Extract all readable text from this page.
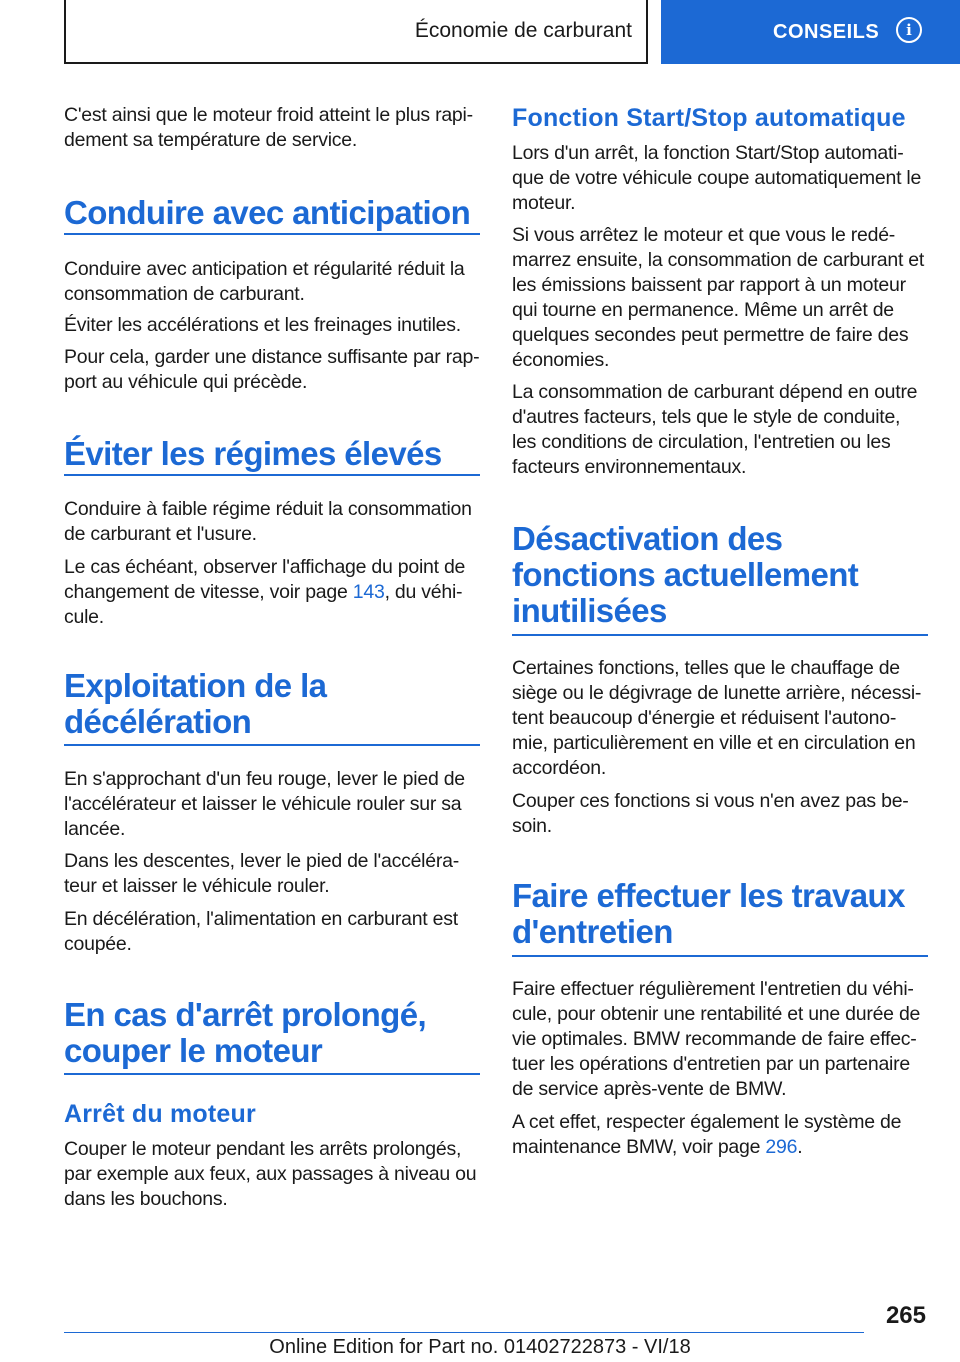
Économie de carburant	CONSEILS	i

C'est ainsi que le moteur froid atteint le plus rapi-dement sa température de service.

Conduire avec anticipation

Conduire avec anticipation et régularité réduit la consommation de carburant.

Éviter les accélérations et les freinages inutiles.

Pour cela, garder une distance suffisante par rap-port au véhicule qui précède.

Éviter les régimes élevés

Conduire à faible régime réduit la consommation de carburant et l'usure.

Le cas échéant, observer l'affichage du point de changement de vitesse, voir page 143, du véhi-cule.

Exploitation de la décélération

En s'approchant d'un feu rouge, lever le pied de l'accélérateur et laisser le véhicule rouler sur sa lancée.

Dans les descentes, lever le pied de l'accéléra-teur et laisser le véhicule rouler.

En décélération, l'alimentation en carburant est coupée.

En cas d'arrêt prolongé, couper le moteur
Arrêt du moteur

Couper le moteur pendant les arrêts prolongés, par exemple aux feux, aux passages à niveau ou dans les bouchons.

Fonction Start/Stop automatique

Lors d'un arrêt, la fonction Start/Stop automati-que de votre véhicule coupe automatiquement le moteur.

Si vous arrêtez le moteur et que vous le redé-marrez ensuite, la consommation de carburant et les émissions baissent par rapport à un moteur qui tourne en permanence. Même un arrêt de quelques secondes peut permettre de faire des économies.

La consommation de carburant dépend en outre d'autres facteurs, tels que le style de conduite, les conditions de circulation, l'entretien ou les facteurs environnementaux.

Désactivation des fonctions actuellement inutilisées

Certaines fonctions, telles que le chauffage de siège ou le dégivrage de lunette arrière, nécessi-tent beaucoup d'énergie et réduisent l'autono-mie, particulièrement en ville et en circulation en accordéon.

Couper ces fonctions si vous n'en avez pas be-soin.

Faire effectuer les travaux d'entretien

Faire effectuer régulièrement l'entretien du véhi-cule, pour obtenir une rentabilité et une durée de vie optimales. BMW recommande de faire effec-tuer les opérations d'entretien par un partenaire de service après-vente de BMW.

A cet effet, respecter également le système de maintenance BMW, voir page 296.

265
Online Edition for Part no. 01402722873 - VI/18
